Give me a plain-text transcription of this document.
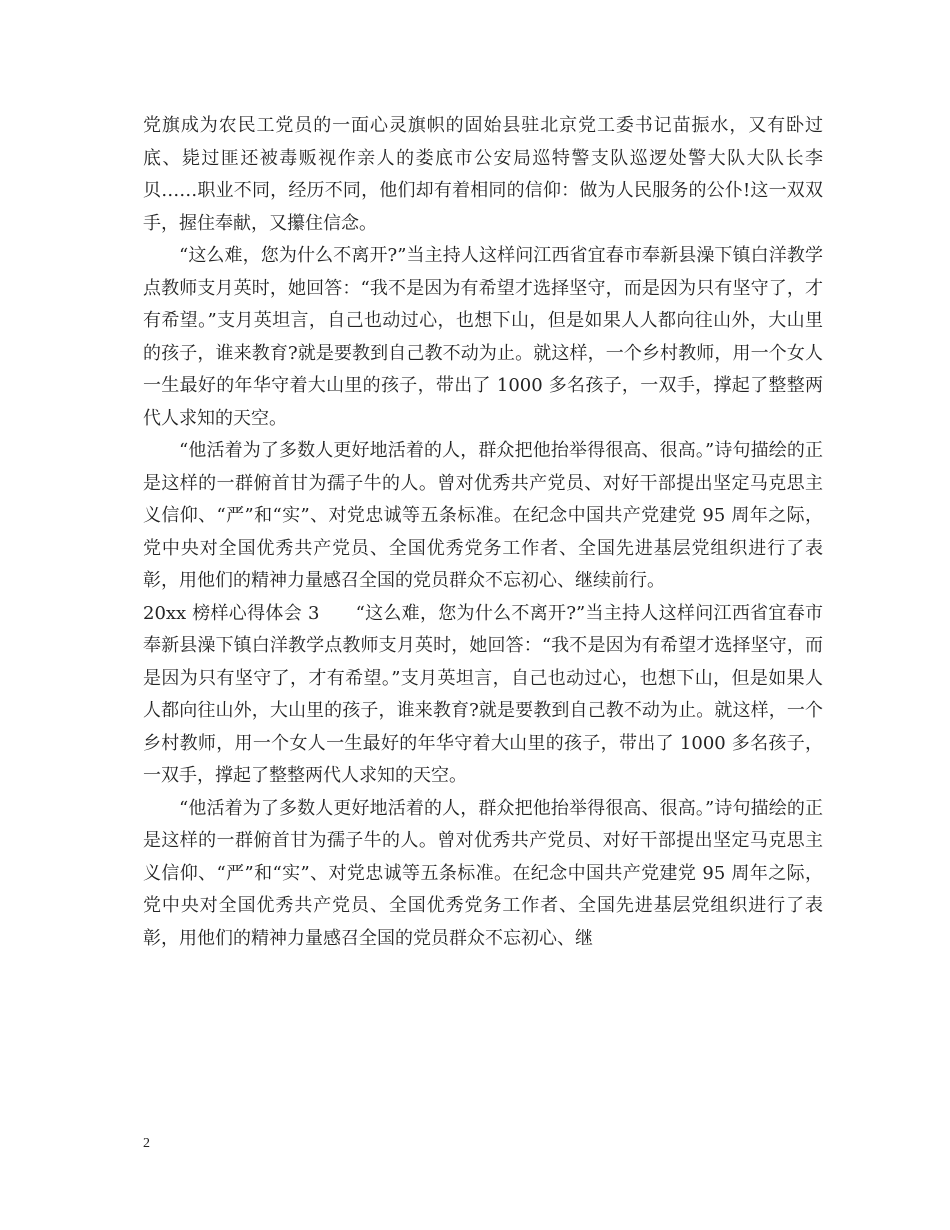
党旗成为农民工党员的一面心灵旗帜的固始县驻北京党工委书记苗振水，又有卧过底、毙过匪还被毒贩视作亲人的娄底市公安局巡特警支队巡逻处警大队大队长李贝……职业不同，经历不同，他们却有着相同的信仰：做为人民服务的公仆!这一双双手，握住奉献，又攥住信念。

“这么难，您为什么不离开?”当主持人这样问江西省宜春市奉新县澡下镇白洋教学点教师支月英时，她回答：“我不是因为有希望才选择坚守，而是因为只有坚守了，才有希望。”支月英坦言，自己也动过心，也想下山，但是如果人人都向往山外，大山里的孩子，谁来教育?就是要教到自己教不动为止。就这样，一个乡村教师，用一个女人一生最好的年华守着大山里的孩子，带出了 1000 多名孩子，一双手，撑起了整整两代人求知的天空。

“他活着为了多数人更好地活着的人，群众把他抬举得很高、很高。”诗句描绘的正是这样的一群俯首甘为孺子牛的人。曾对优秀共产党员、对好干部提出坚定马克思主义信仰、“严”和“实”、对党忠诚等五条标准。在纪念中国共产党建党 95 周年之际，党中央对全国优秀共产党员、全国优秀党务工作者、全国先进基层党组织进行了表彰，用他们的精神力量感召全国的党员群众不忘初心、继续前行。

20xx 榜样心得体会 3 “这么难，您为什么不离开?”当主持人这样问江西省宜春市奉新县澡下镇白洋教学点教师支月英时，她回答：“我不是因为有希望才选择坚守，而是因为只有坚守了，才有希望。”支月英坦言，自己也动过心，也想下山，但是如果人人都向往山外，大山里的孩子，谁来教育?就是要教到自己教不动为止。就这样，一个乡村教师，用一个女人一生最好的年华守着大山里的孩子，带出了 1000 多名孩子，一双手，撑起了整整两代人求知的天空。

“他活着为了多数人更好地活着的人，群众把他抬举得很高、很高。”诗句描绘的正是这样的一群俯首甘为孺子牛的人。曾对优秀共产党员、对好干部提出坚定马克思主义信仰、“严”和“实”、对党忠诚等五条标准。在纪念中国共产党建党 95 周年之际，党中央对全国优秀共产党员、全国优秀党务工作者、全国先进基层党组织进行了表彰，用他们的精神力量感召全国的党员群众不忘初心、继

2
